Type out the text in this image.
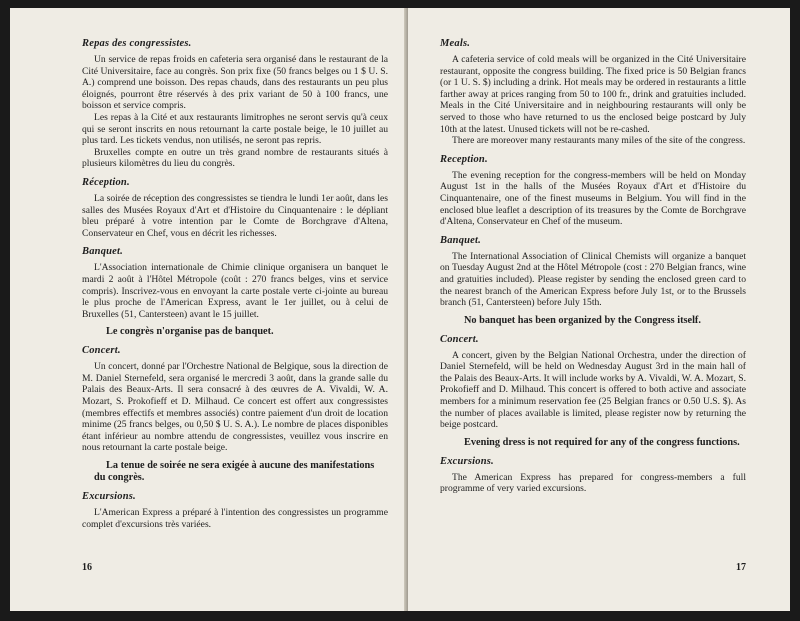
Repas des congressistes.

Un service de repas froids en cafeteria sera organisé dans le restaurant de la Cité Universitaire, face au congrès. Son prix fixe (50 francs belges ou 1 $ U. S. A.) comprend une boisson. Des repas chauds, dans des restaurants un peu plus éloignés, pourront être réservés à des prix variant de 50 à 100 francs, une boisson et service compris.

Les repas à la Cité et aux restaurants limitrophes ne seront servis qu'à ceux qui se seront inscrits en nous retournant la carte postale beige, le 10 juillet au plus tard. Les tickets vendus, non utilisés, ne seront pas repris.

Bruxelles compte en outre un très grand nombre de restaurants situés à plusieurs kilomètres du lieu du congrès.

Réception.

La soirée de réception des congressistes se tiendra le lundi 1er août, dans les salles des Musées Royaux d'Art et d'Histoire du Cinquantenaire : le dépliant bleu préparé à votre intention par le Comte de Borchgrave d'Altena, Conservateur en Chef, vous en décrit les richesses.

Banquet.

L'Association internationale de Chimie clinique organisera un banquet le mardi 2 août à l'Hôtel Métropole (coût : 270 francs belges, vins et service compris). Inscrivez-vous en envoyant la carte postale verte ci-jointe au bureau le plus proche de l'American Express, avant le 1er juillet, ou à celui de Bruxelles (51, Cantersteen) avant le 15 juillet.

Le congrès n'organise pas de banquet.

Concert.

Un concert, donné par l'Orchestre National de Belgique, sous la direction de M. Daniel Sternefeld, sera organisé le mercredi 3 août, dans la grande salle du Palais des Beaux-Arts. Il sera consacré à des œuvres de A. Vivaldi, W. A. Mozart, S. Prokofieff et D. Milhaud. Ce concert est offert aux congressistes (membres effectifs et membres associés) contre paiement d'un droit de location minime (25 francs belges, ou 0,50 $ U. S. A.). Le nombre de places disponibles étant inférieur au nombre attendu de congressistes, veuillez vous inscrire en nous retournant la carte postale beige.

La tenue de soirée ne sera exigée à aucune des manifestations du congrès.

Excursions.

L'American Express a préparé à l'intention des congressistes un programme complet d'excursions très variées.

16
Meals.

A cafeteria service of cold meals will be organized in the Cité Universitaire restaurant, opposite the congress building. The fixed price is 50 Belgian francs (or 1 U. S. $) including a drink. Hot meals may be ordered in restaurants a little farther away at prices ranging from 50 to 100 fr., drink and gratuities included. Meals in the Cité Universitaire and in neighbouring restaurants will only be served to those who have returned to us the enclosed beige postcard by July 10th at the latest. Unused tickets will not be re-cashed.

There are moreover many restaurants many miles of the site of the congress.

Reception.

The evening reception for the congress-members will be held on Monday August 1st in the halls of the Musées Royaux d'Art et d'Histoire du Cinquantenaire, one of the finest museums in Belgium. You will find in the enclosed blue leaflet a description of its treasures by the Comte de Borchgrave d'Altena, Conservateur en Chef of the museum.

Banquet.

The International Association of Clinical Chemists will organize a banquet on Tuesday August 2nd at the Hôtel Métropole (cost : 270 Belgian francs, wine and gratuities included). Please register by sending the enclosed green card to the nearest branch of the American Express before July 1st, or to the Brussels branch (51, Cantersteen) before July 15th.

No banquet has been organized by the Congress itself.

Concert.

A concert, given by the Belgian National Orchestra, under the direction of Daniel Sternefeld, will be held on Wednesday August 3rd in the main hall of the Palais des Beaux-Arts. It will include works by A. Vivaldi, W. A. Mozart, S. Prokofieff and D. Milhaud. This concert is offered to both active and associate members for a minimum reservation fee (25 Belgian francs or 0.50 U.S. $). As the number of places available is limited, please register now by returning the beige postcard.

Evening dress is not required for any of the congress functions.

Excursions.

The American Express has prepared for congress-members a full programme of very varied excursions.

17
